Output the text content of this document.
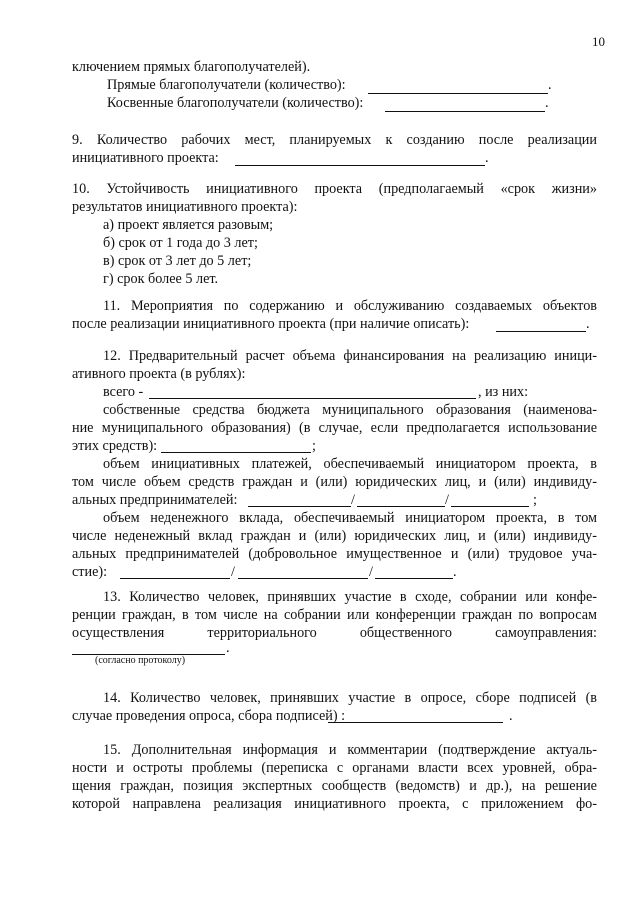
10
ключением прямых благополучателей).
Прямые благополучатели (количество):	.
Косвенные благополучатели (количество):	.
9. Количество рабочих мест, планируемых к созданию после реализации
инициативного проекта:	.
10. Устойчивость инициативного проекта (предполагаемый «срок жизни»
результатов инициативного проекта):
а) проект является разовым;
б) срок от 1 года до 3 лет;
в) срок от 3 лет до 5 лет;
г) срок более 5 лет.
11. Мероприятия по содержанию и обслуживанию создаваемых объектов
после реализации инициативного проекта (при наличие описать):	.
12. Предварительный расчет объема финансирования на реализацию иници-
ативного проекта (в рублях):
всего -	, из них:
собственные средства бюджета муниципального образования (наименова-
ние муниципального образования) (в случае, если предполагается использование
этих средств):	;
объем инициативных платежей, обеспечиваемый инициатором проекта, в
том числе объем средств граждан и (или) юридических лиц, и (или) индивиду-
альных предпринимателей:	/	/	;
объем неденежного вклада, обеспечиваемый инициатором проекта, в том
числе неденежный вклад граждан и (или) юридических лиц, и (или) индивиду-
альных предпринимателей (добровольное имущественное и (или) трудовое уча-
стие):	/	/	.
13. Количество человек, принявших участие в сходе, собрании или конфе-
ренции граждан, в том числе на собрании или конференции граждан по вопросам
осуществления территориального общественного самоуправления:
.
(согласно протоколу)
14. Количество человек, принявших участие в опросе, сборе подписей (в
случае проведения опроса, сбора подписей) :	.
15. Дополнительная информация и комментарии (подтверждение актуаль-
ности и остроты проблемы (переписка с органами власти всех уровней, обра-
щения граждан, позиция экспертных сообществ (ведомств) и др.), на решение
которой направлена реализация инициативного проекта, с приложением фо-
